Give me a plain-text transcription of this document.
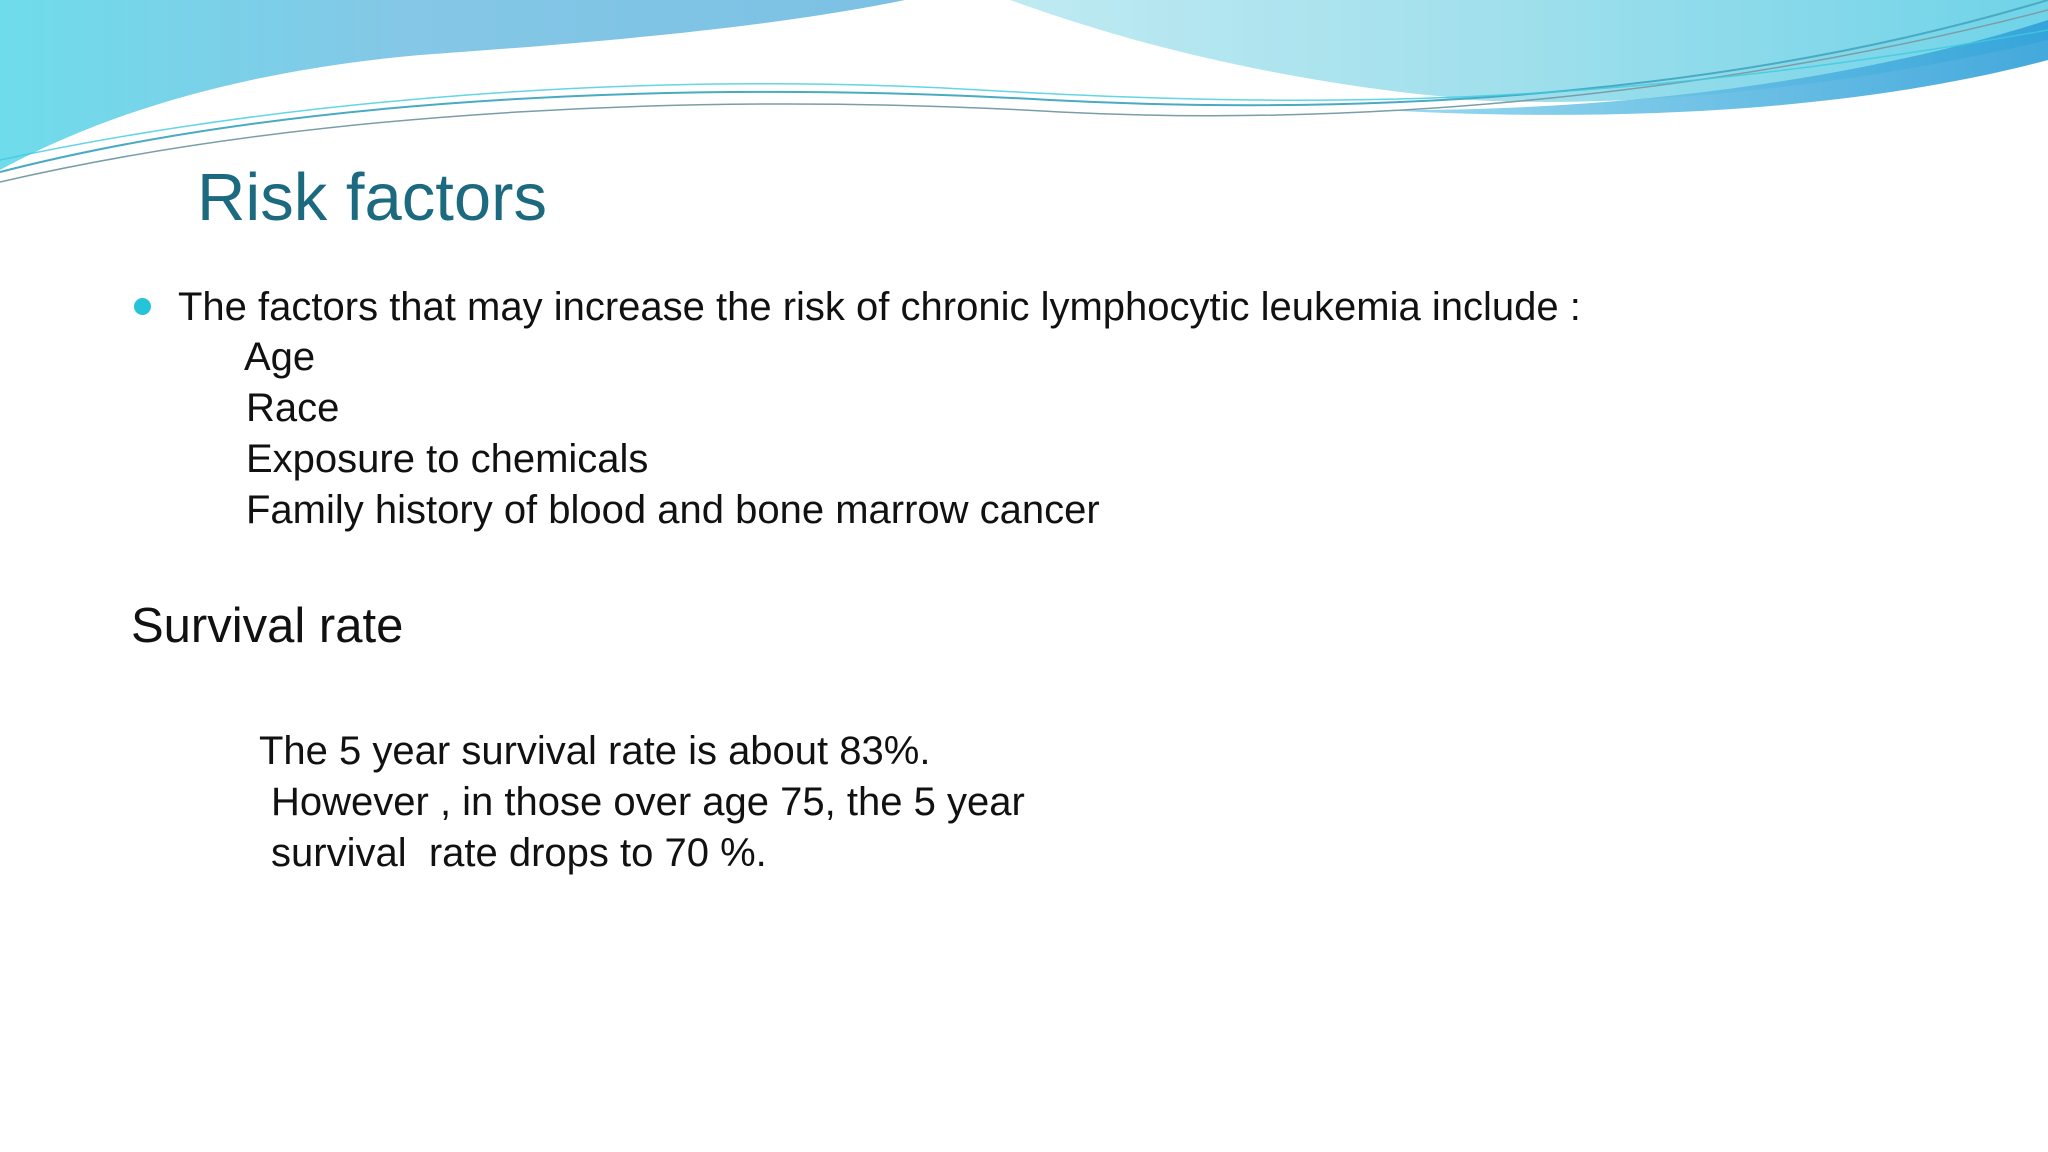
Risk factors
The factors that may increase the risk of chronic lymphocytic leukemia include :
Age
Race
Exposure to chemicals
Family history of blood and bone marrow cancer
Survival rate
The 5 year survival rate is about 83%.
However , in those over age 75, the 5 year
survival  rate drops to 70 %.
